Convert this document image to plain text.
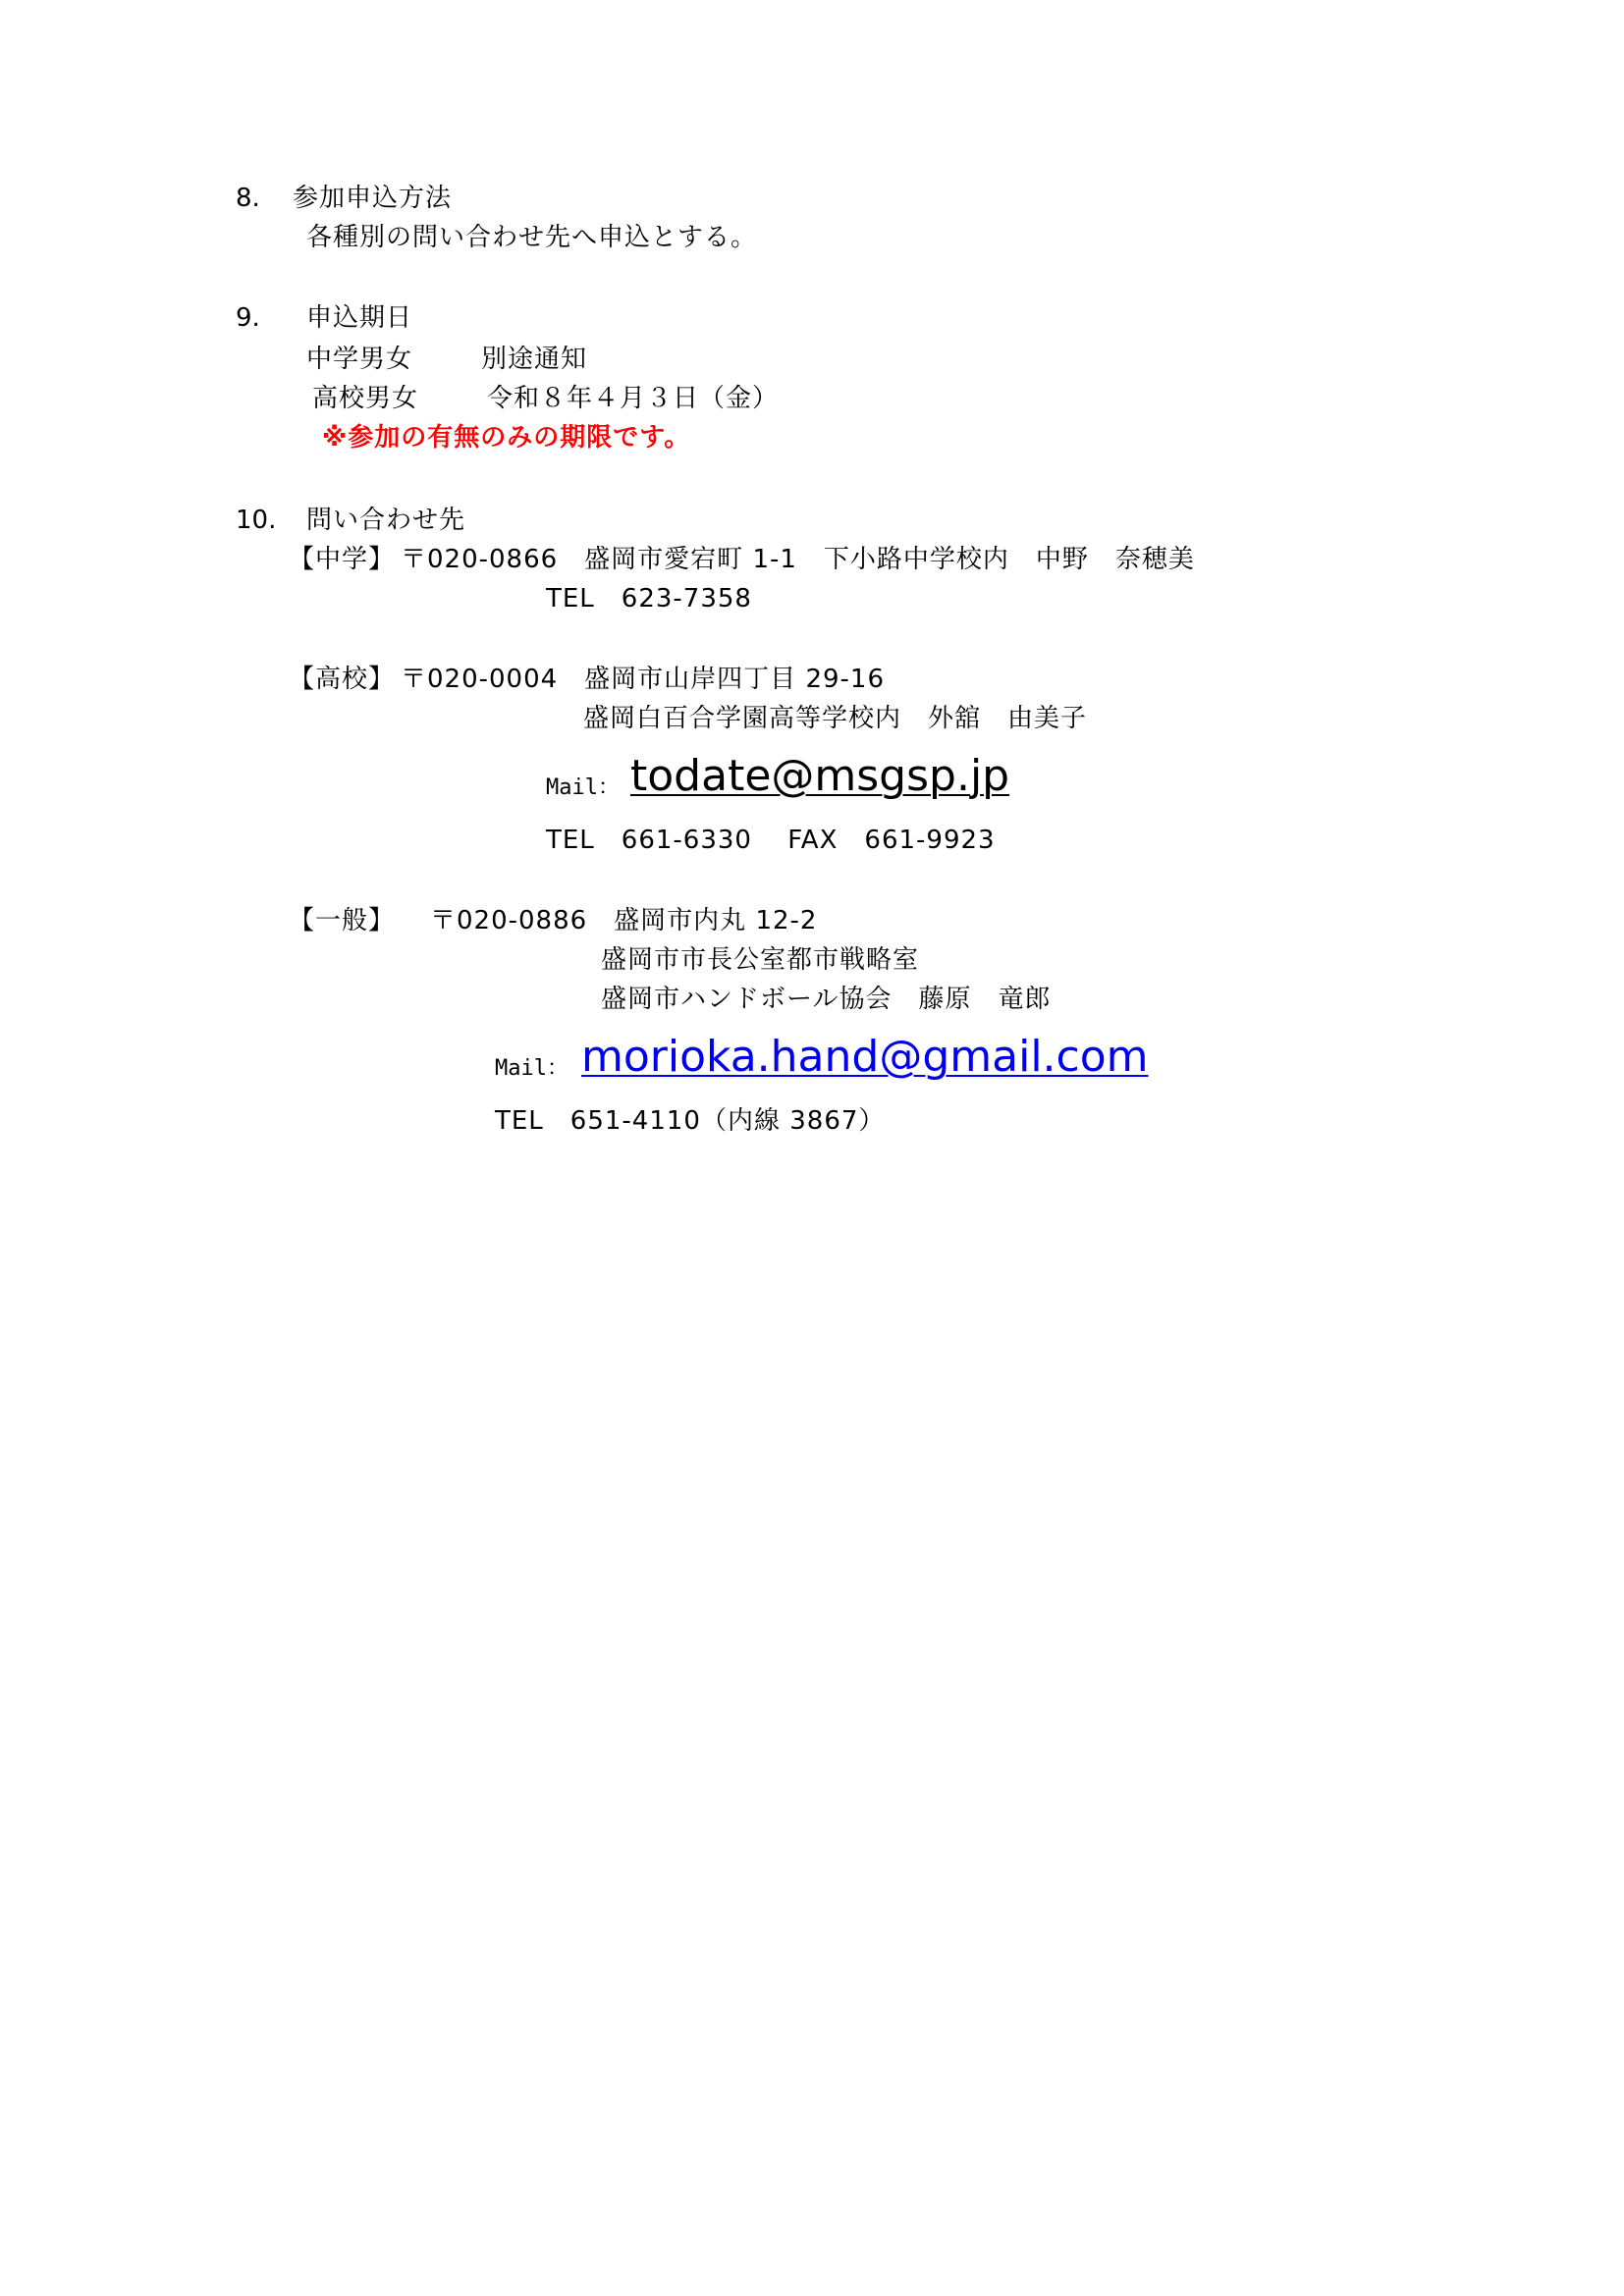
8. 参加申込方法
各種別の問い合わせ先へ申込とする。
9. 申込期日
中学男女	別途通知
高校男女	令和８年４月３日（金）
※参加の有無のみの期限です。
10. 問い合わせ先
【中学】 〒020-0866　盛岡市愛宕町 1-1　下小路中学校内　中野　奈穂美
TEL　623-7358
【高校】 〒020-0004　盛岡市山岸四丁目 29-16
盛岡白百合学園高等学校内　外舘　由美子
Mail： todate@msgsp.jp
TEL　661-6330　 FAX　661-9923
【一般】 〒020-0886　盛岡市内丸 12-2
盛岡市市長公室都市戦略室
盛岡市ハンドボール協会　藤原　竜郎
Mail： morioka.hand@gmail.com
TEL　651-4110（内線 3867）
